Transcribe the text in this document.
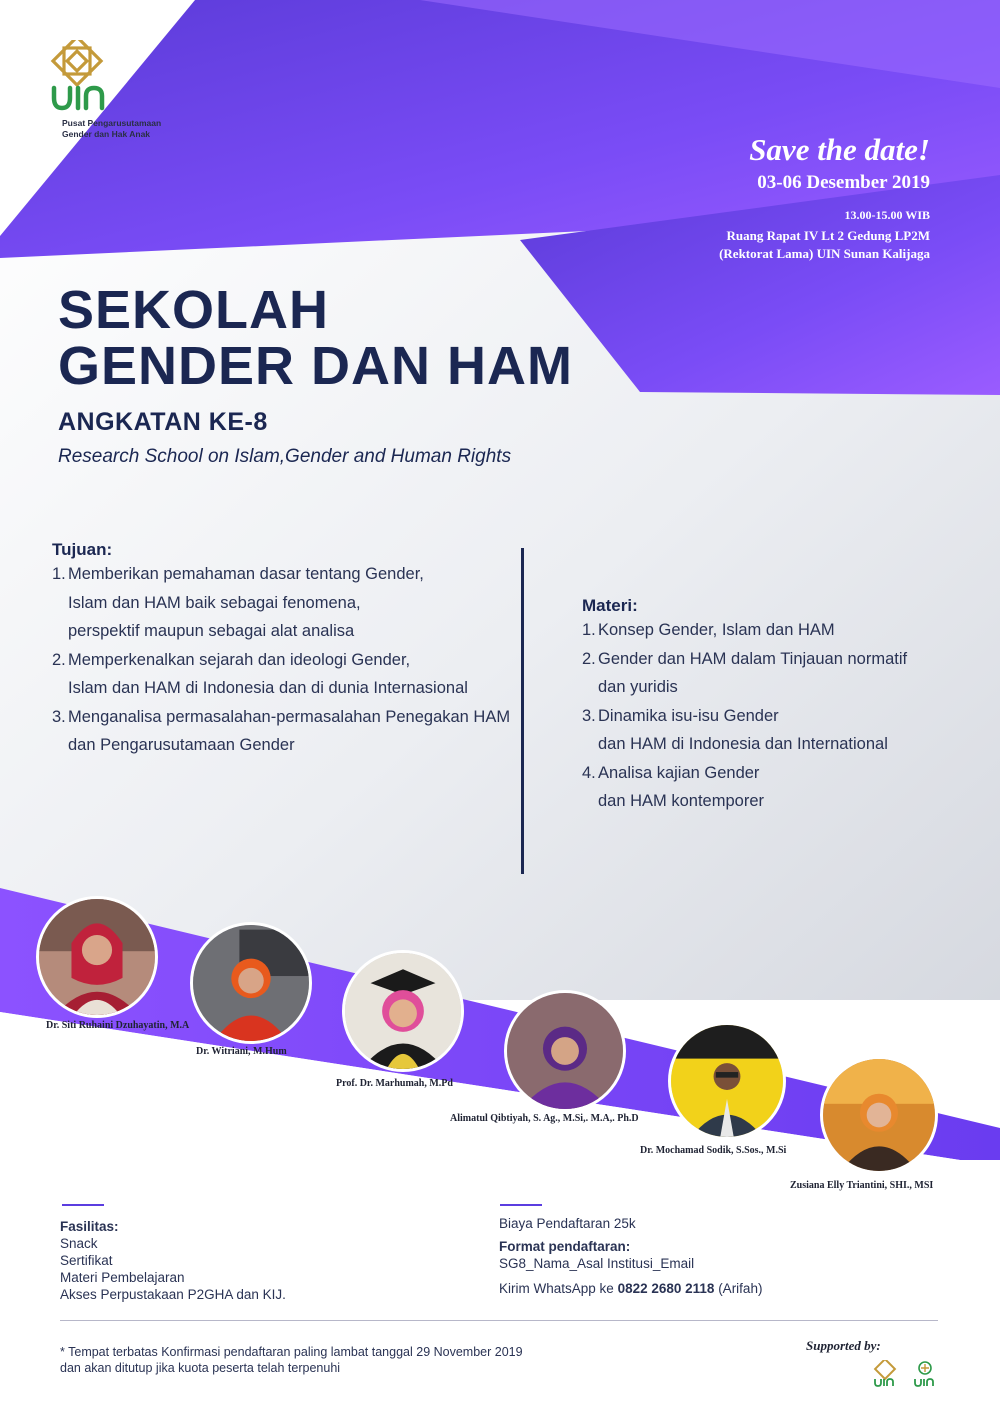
Pusat Pengarusutamaan
Gender dan Hak Anak	Save the date!
03-06 Desember 2019
13.00-15.00 WIB
Ruang Rapat IV Lt 2 Gedung LP2M
(Rektorat Lama) UIN Sunan Kalijaga
SEKOLAH
GENDER DAN HAM
ANGKATAN KE-8
Research School on Islam,Gender and Human Rights
Tujuan:
1. Memberikan pemahaman dasar tentang Gender,
Islam dan HAM baik sebagai fenomena,
perspektif maupun sebagai alat analisa
2. Memperkenalkan sejarah dan ideologi Gender,
Islam dan HAM di Indonesia dan di dunia Internasional
3. Menganalisa permasalahan-permasalahan Penegakan HAM
dan Pengarusutamaan Gender
Materi:
1. Konsep Gender, Islam dan HAM
2. Gender dan HAM dalam Tinjauan normatif
dan yuridis
3. Dinamika isu-isu Gender
dan HAM di Indonesia dan International
4. Analisa kajian Gender
dan HAM kontemporer
Dr. Siti Ruhaini Dzuhayatin, M.A
Dr. Witriani, M.Hum
Prof. Dr. Marhumah, M.Pd
Alimatul Qibtiyah, S. Ag., M.Si,. M.A,. Ph.D
Dr. Mochamad Sodik, S.Sos., M.Si
Zusiana Elly Triantini, SHI., MSI
Fasilitas:
Snack
Sertifikat
Materi Pembelajaran
Akses Perpustakaan P2GHA dan KIJ.
Biaya Pendaftaran 25k
Format pendaftaran:
SG8_Nama_Asal Institusi_Email
Kirim WhatsApp ke 0822 2680 2118 (Arifah)
* Tempat terbatas Konfirmasi pendaftaran paling lambat tanggal 29 November 2019
dan akan ditutup jika kuota peserta telah terpenuhi
Supported by:
